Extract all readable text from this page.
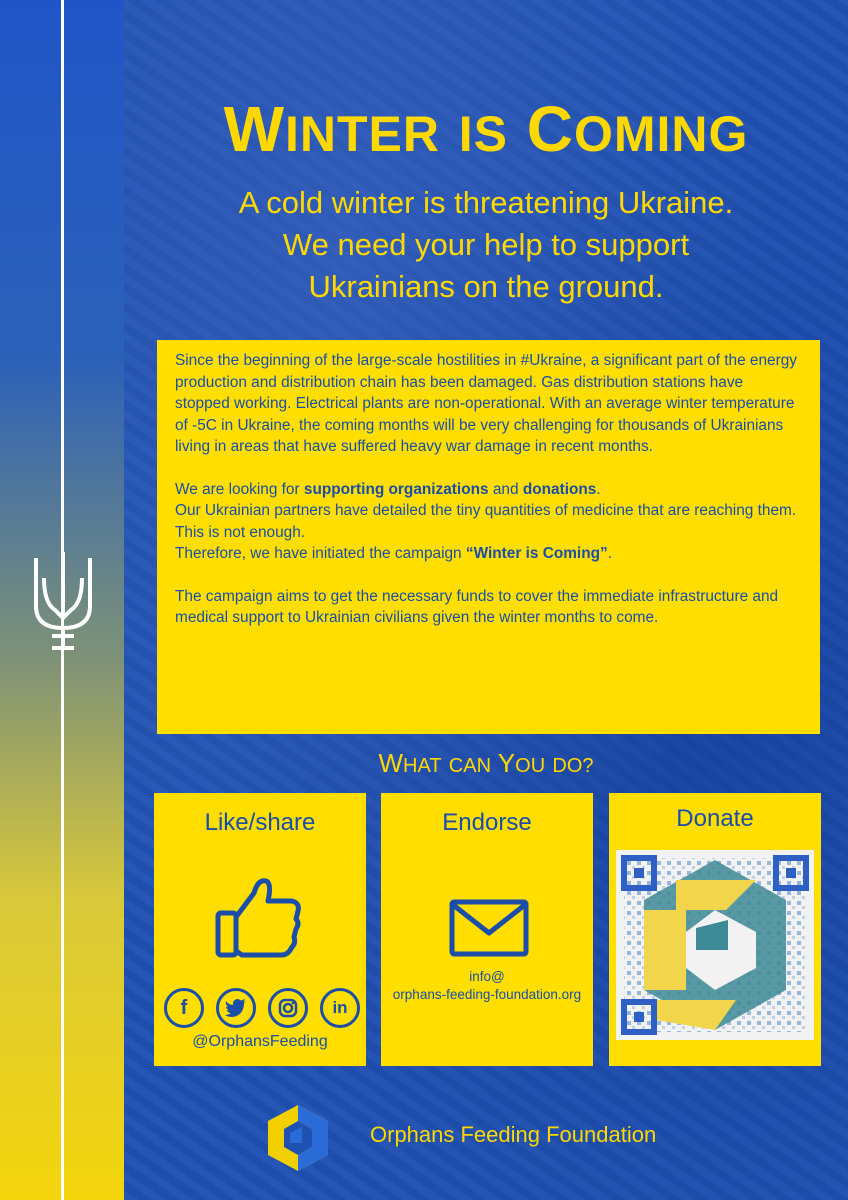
WINTER IS COMING
A cold winter is threatening Ukraine.
We need your help to support
Ukrainians on the ground.

Since the beginning of the large-scale hostilities in #Ukraine, a significant part of the energy production and distribution chain has been damaged. Gas distribution stations have stopped working. Electrical plants are non-operational. With an average winter temperature of -5C in Ukraine, the coming months will be very challenging for thousands of Ukrainians living in areas that have suffered heavy war damage in recent months.

We are looking for supporting organizations and donations.
Our Ukrainian partners have detailed the tiny quantities of medicine that are reaching them. This is not enough.
Therefore, we have initiated the campaign “Winter is Coming”.

The campaign aims to get the necessary funds to cover the immediate infrastructure and medical support to Ukrainian civilians given the winter months to come.

WHAT CAN YOU DO?
Like/share
f	in
@OrphansFeeding
Endorse
info@
orphans-feeding-foundation.org
Donate
Orphans Feeding Foundation
